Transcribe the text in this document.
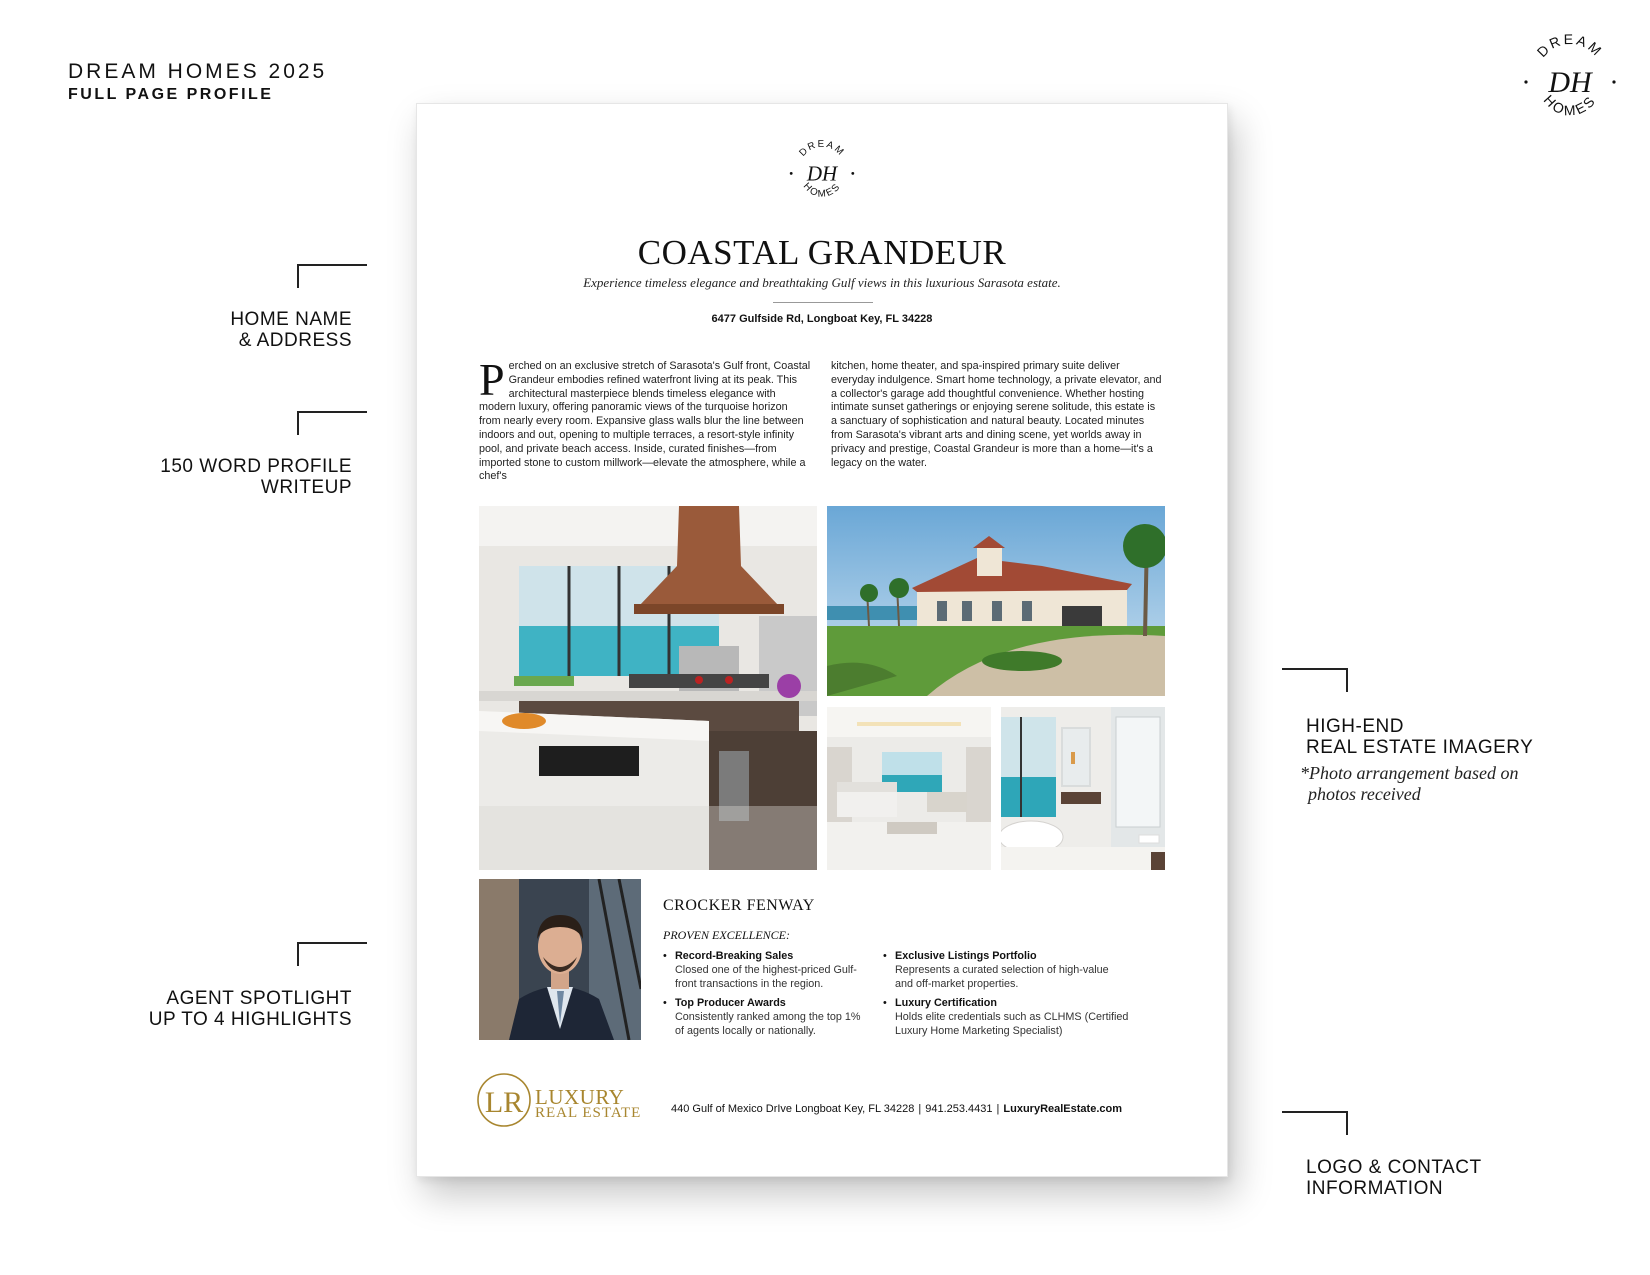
DREAM HOMES 2025
FULL PAGE PROFILE
DREAM
DH
HOMES
HOME NAME
& ADDRESS
150 WORD PROFILE
WRITEUP
AGENT SPOTLIGHT
UP TO 4 HIGHLIGHTS
HIGH-END
REAL ESTATE IMAGERY
*Photo arrangement based on
photos received
LOGO & CONTACT
INFORMATION
DREAM
DH
HOMES
COASTAL GRANDEUR
Experience timeless elegance and breathtaking Gulf views in this luxurious Sarasota estate.
6477 Gulfside Rd, Longboat Key, FL 34228

Perched on an exclusive stretch of Sarasota's Gulf front, Coastal Grandeur embodies refined waterfront living at its peak. This architectural masterpiece blends timeless elegance with modern luxury, offering panoramic views of the turquoise horizon from nearly every room. Expansive glass walls blur the line between indoors and out, opening to multiple terraces, a resort-style infinity pool, and private beach access. Inside, curated finishes—from imported stone to custom millwork—elevate the atmosphere, while a chef's

kitchen, home theater, and spa-inspired primary suite deliver everyday indulgence. Smart home technology, a private elevator, and a collector's garage add thoughtful convenience. Whether hosting intimate sunset gatherings or enjoying serene solitude, this estate is a sanctuary of sophistication and natural beauty. Located minutes from Sarasota's vibrant arts and dining scene, yet worlds away in privacy and prestige, Coastal Grandeur is more than a home—it's a legacy on the water.

CROCKER FENWAY
PROVEN EXCELLENCE:
• Record-Breaking Sales
Closed one of the highest-priced Gulf-front transactions in the region.
• Top Producer Awards
Consistently ranked among the top 1% of agents locally or nationally.
• Exclusive Listings Portfolio
Represents a curated selection of high-value and off-market properties.
• Luxury Certification
Holds elite credentials such as CLHMS (Certified Luxury Home Marketing Specialist)
LR LUXURY
REAL ESTATE	440 Gulf of Mexico DrIve Longboat Key, FL 34228 | 941.253.4431 | LuxuryRealEstate.com
